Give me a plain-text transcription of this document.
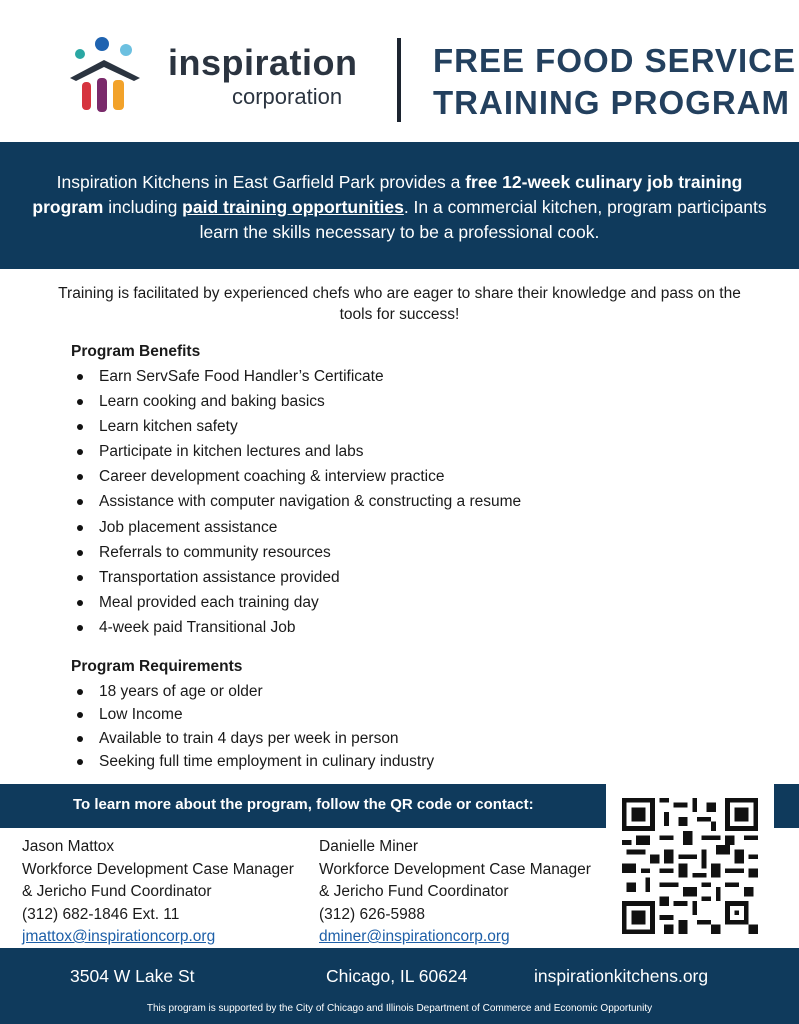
inspiration
corporation
FREE FOOD SERVICE
TRAINING PROGRAM

Inspiration Kitchens in East Garfield Park provides a free 12-week culinary job training program including paid training opportunities. In a commercial kitchen, program participants learn the skills necessary to be a professional cook.

Training is facilitated by experienced chefs who are eager to share their knowledge and pass on the tools for success!

Program Benefits

Earn ServSafe Food Handler’s Certificate
Learn cooking and baking basics
Learn kitchen safety
Participate in kitchen lectures and labs
Career development coaching & interview practice
Assistance with computer navigation & constructing a resume
Job placement assistance
Referrals to community resources
Transportation assistance provided
Meal provided each training day
4-week paid Transitional Job

Program Requirements

18 years of age or older
Low Income
Available to train 4 days per week in person
Seeking full time employment in culinary industry
To learn more about the program, follow the QR code or contact:
Jason Mattox
Workforce Development Case Manager
& Jericho Fund Coordinator
(312) 682-1846 Ext. 11
jmattox@inspirationcorp.org
Danielle Miner
Workforce Development Case Manager
& Jericho Fund Coordinator
(312) 626-5988
dminer@inspirationcorp.org
3504 W Lake St	Chicago, IL 60624	inspirationkitchens.org
This program is supported by the City of Chicago and Illinois Department of Commerce and Economic Opportunity
